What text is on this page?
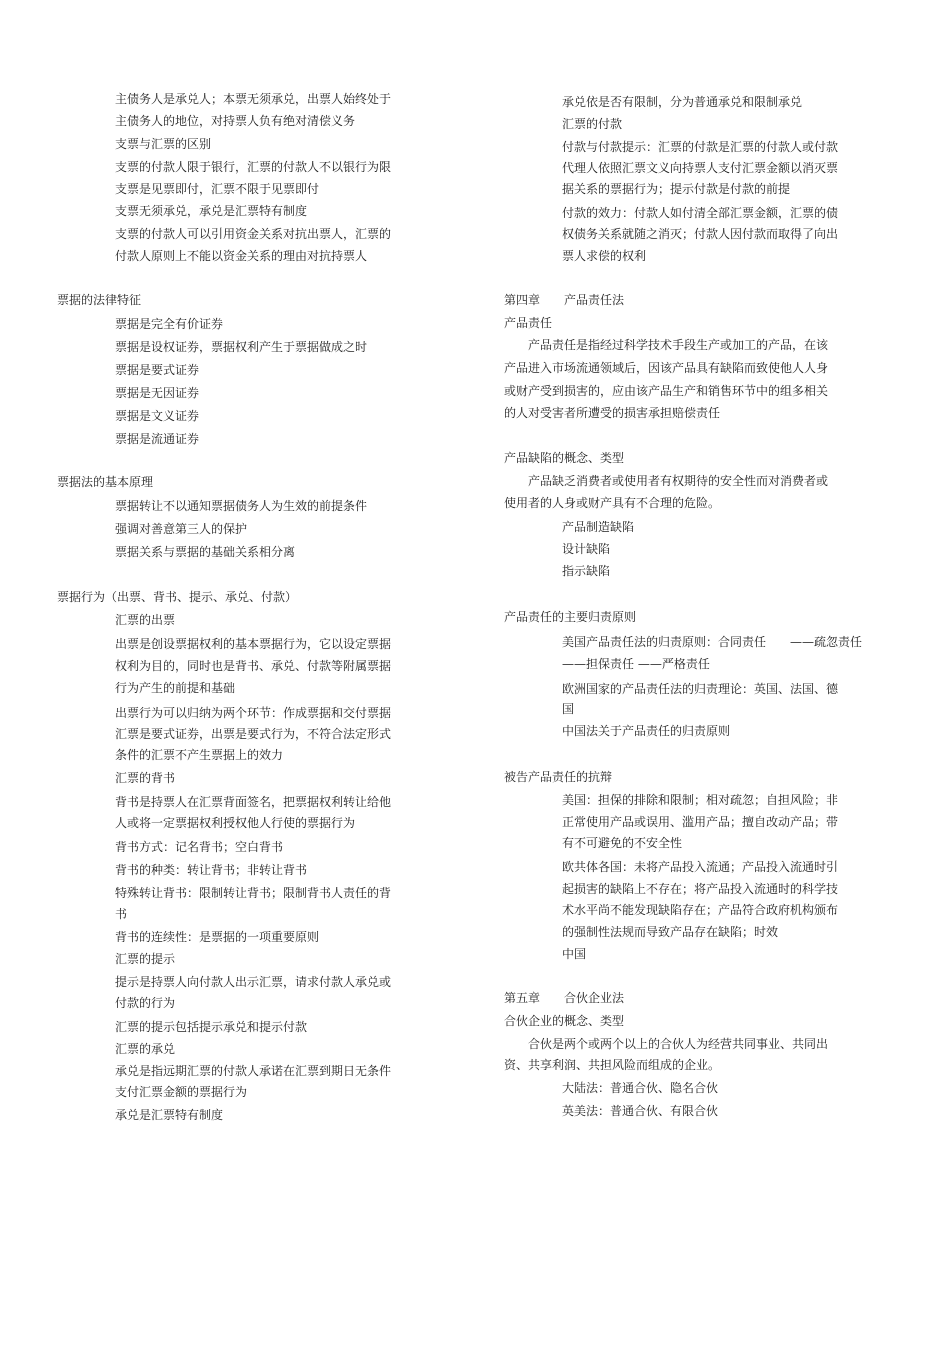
主债务人是承兑人；本票无须承兑，出票人始终处于
主债务人的地位，对持票人负有绝对清偿义务
支票与汇票的区别
支票的付款人限于银行，汇票的付款人不以银行为限
支票是见票即付，汇票不限于见票即付
支票无须承兑，承兑是汇票特有制度
支票的付款人可以引用资金关系对抗出票人，汇票的
付款人原则上不能以资金关系的理由对抗持票人
票据的法律特征
票据是完全有价证券
票据是设权证券，票据权利产生于票据做成之时
票据是要式证券
票据是无因证券
票据是文义证券
票据是流通证券
票据法的基本原理
票据转让不以通知票据债务人为生效的前提条件
强调对善意第三人的保护
票据关系与票据的基础关系相分离
票据行为（出票、背书、提示、承兑、付款）
汇票的出票
出票是创设票据权利的基本票据行为，它以设定票据
权利为目的，同时也是背书、承兑、付款等附属票据
行为产生的前提和基础
出票行为可以归纳为两个环节：作成票据和交付票据
汇票是要式证券，出票是要式行为，不符合法定形式
条件的汇票不产生票据上的效力
汇票的背书
背书是持票人在汇票背面签名，把票据权利转让给他
人或将一定票据权利授权他人行使的票据行为
背书方式：记名背书；空白背书
背书的种类：转让背书；非转让背书
特殊转让背书：限制转让背书；限制背书人责任的背
书
背书的连续性：是票据的一项重要原则
汇票的提示
提示是持票人向付款人出示汇票，请求付款人承兑或
付款的行为
汇票的提示包括提示承兑和提示付款
汇票的承兑
承兑是指远期汇票的付款人承诺在汇票到期日无条件
支付汇票金额的票据行为
承兑是汇票特有制度
承兑依是否有限制，分为普通承兑和限制承兑
汇票的付款
付款与付款提示：汇票的付款是汇票的付款人或付款
代理人依照汇票文义向持票人支付汇票金额以消灭票
据关系的票据行为；提示付款是付款的前提
付款的效力：付款人如付清全部汇票金额，汇票的债
权债务关系就随之消灭；付款人因付款而取得了向出
票人求偿的权利
第四章　　产品责任法
产品责任
　　产品责任是指经过科学技术手段生产或加工的产品，在该
产品进入市场流通领域后，因该产品具有缺陷而致使他人人身
或财产受到损害的，应由该产品生产和销售环节中的组多相关
的人对受害者所遭受的损害承担赔偿责任
产品缺陷的概念、类型
　　产品缺乏消费者或使用者有权期待的安全性而对消费者或
使用者的人身或财产具有不合理的危险。
产品制造缺陷
设计缺陷
指示缺陷
产品责任的主要归责原则
美国产品责任法的归责原则：合同责任　　——疏忽责任
——担保责任 ——严格责任
欧洲国家的产品责任法的归责理论：英国、法国、德
国
中国法关于产品责任的归责原则
被告产品责任的抗辩
美国：担保的排除和限制；相对疏忽；自担风险；非
正常使用产品或误用、滥用产品；擅自改动产品；带
有不可避免的不安全性
欧共体各国：未将产品投入流通；产品投入流通时引
起损害的缺陷上不存在；将产品投入流通时的科学技
术水平尚不能发现缺陷存在；产品符合政府机构颁布
的强制性法规而导致产品存在缺陷；时效
中国
第五章　　合伙企业法
合伙企业的概念、类型
　　合伙是两个或两个以上的合伙人为经营共同事业、共同出
资、共享利润、共担风险而组成的企业。
大陆法：普通合伙、隐名合伙
英美法：普通合伙、有限合伙
